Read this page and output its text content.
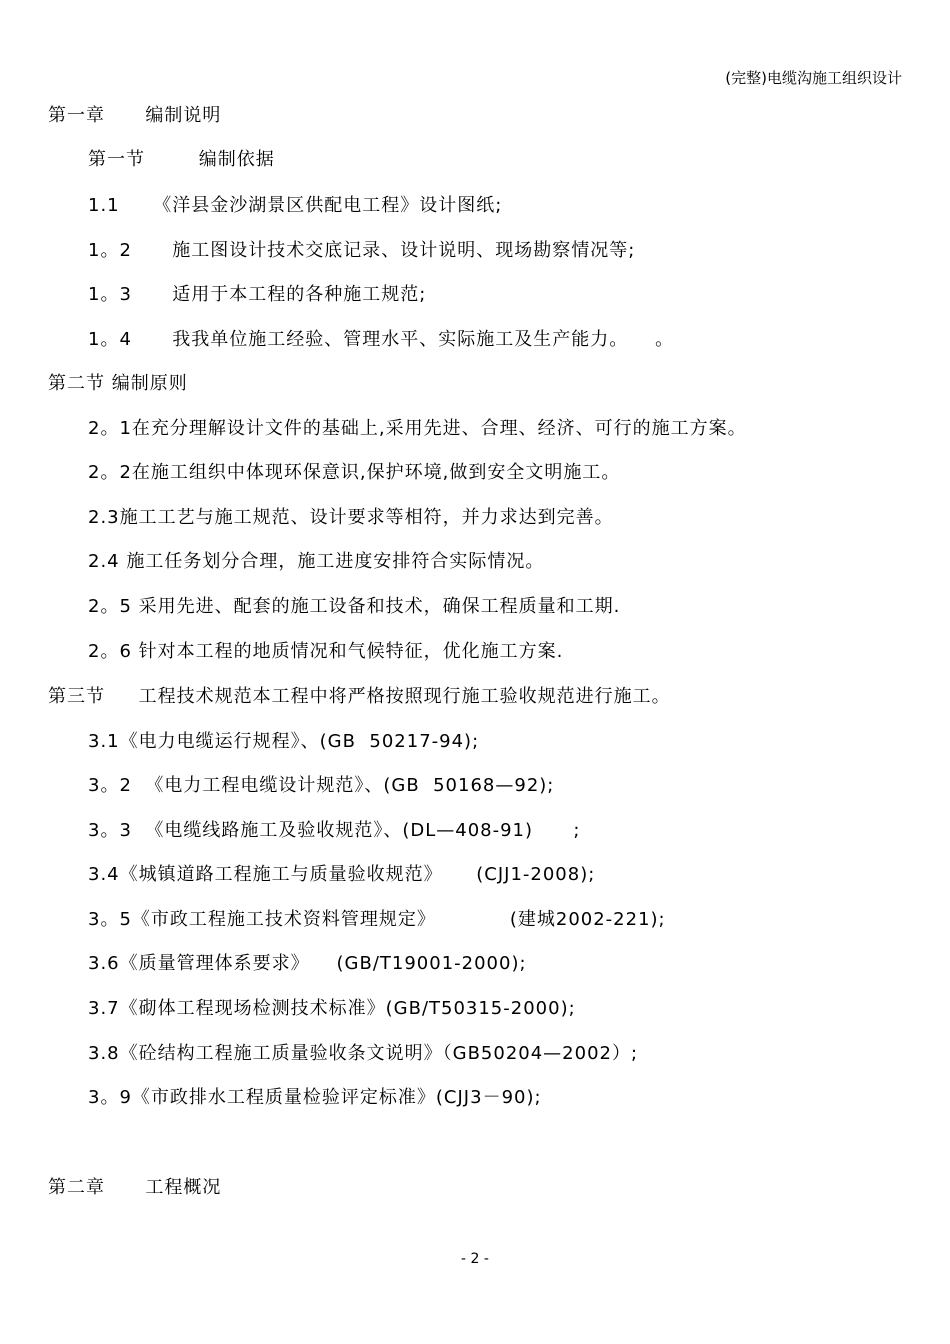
(完整)电缆沟施工组织设计
第一章      编制说明
第一节        编制依据
1.1     《洋县金沙湖景区供配电工程》设计图纸;
1。2      施工图设计技术交底记录、设计说明、现场勘察情况等;
1。3      适用于本工程的各种施工规范;
1。4      我我单位施工经验、管理水平、实际施工及生产能力。    。
第二节 编制原则
2。1在充分理解设计文件的基础上,采用先进、合理、经济、可行的施工方案。
2。2在施工组织中体现环保意识,保护环境,做到安全文明施工。
2.3施工工艺与施工规范、设计要求等相符，并力求达到完善。
2.4 施工任务划分合理，施工进度安排符合实际情况。
2。5 采用先进、配套的施工设备和技术，确保工程质量和工期.
2。6 针对本工程的地质情况和气候特征，优化施工方案.
第三节     工程技术规范本工程中将严格按照现行施工验收规范进行施工。
3.1《电力电缆运行规程》、(GB  50217-94);
3。2  《电力工程电缆设计规范》、(GB  50168—92);
3。3  《电缆线路施工及验收规范》、(DL—408-91)      ;
3.4《城镇道路工程施工与质量验收规范》     (CJJ1-2008);
3。5《市政工程施工技术资料管理规定》           (建城2002-221);
3.6《质量管理体系要求》    (GB/T19001-2000);
3.7《砌体工程现场检测技术标准》(GB/T50315-2000);
3.8《砼结构工程施工质量验收条文说明》（GB50204—2002）;
3。9《市政排水工程质量检验评定标准》(CJJ3－90);
第二章      工程概况
- 2 -
